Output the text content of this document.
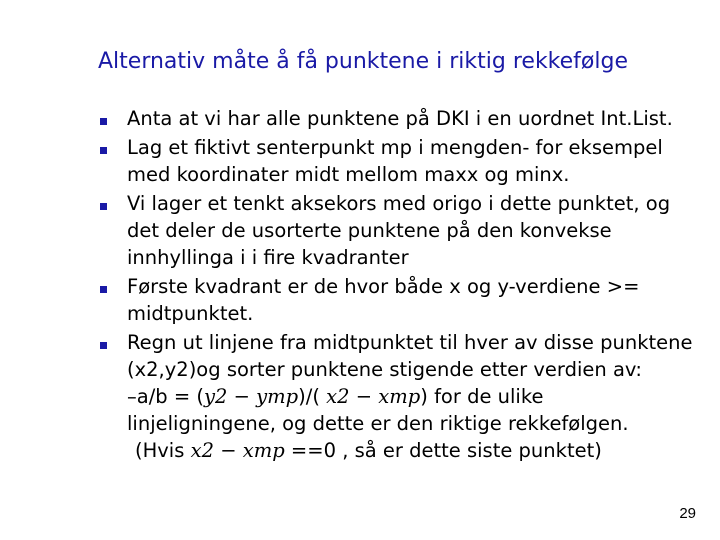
Alternativ måte å få punktene i riktig rekkefølge
Anta at vi har alle punktene på DKI i en uordnet Int.List.
Lag et fiktivt senterpunkt mp i mengden- for eksempel
med koordinater midt mellom maxx og minx.
Vi lager et tenkt aksekors med origo i dette punktet, og
det deler de usorterte punktene på den konvekse
innhyllinga i i fire kvadranter
Første kvadrant er de hvor både x og y-verdiene >=
midtpunktet.
Regn ut linjene fra midtpunktet til hver av disse punktene
(x2,y2)og sorter punktene stigende etter verdien av:
–a/b = (y2 − ymp)/( x2 − xmp) for de ulike
linjeligningene, og dette er den riktige rekkefølgen.
(Hvis x2 − xmp ==0 , så er dette siste punktet)
29
